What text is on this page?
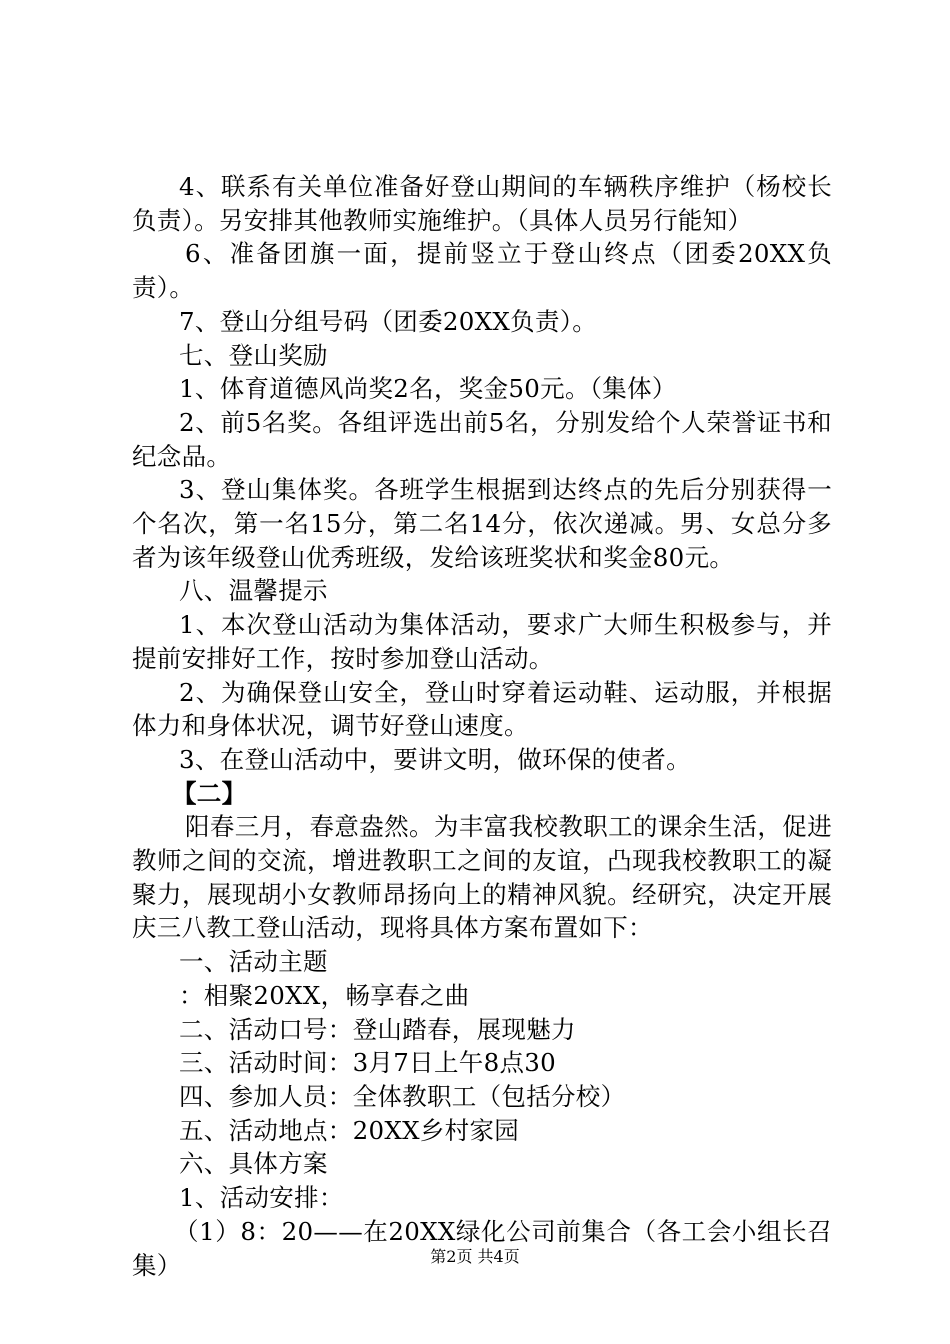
4、联系有关单位准备好登山期间的车辆秩序维护（杨校长负责）。另安排其他教师实施维护。（具体人员另行能知）

6、准备团旗一面，提前竖立于登山终点（团委20XX负责）。

7、登山分组号码（团委20XX负责）。

七、登山奖励

1、体育道德风尚奖2名，奖金50元。（集体）

2、前5名奖。各组评选出前5名，分别发给个人荣誉证书和纪念品。

3、登山集体奖。各班学生根据到达终点的先后分别获得一个名次，第一名15分，第二名14分，依次递减。男、女总分多者为该年级登山优秀班级，发给该班奖状和奖金80元。

八、温馨提示

1、本次登山活动为集体活动，要求广大师生积极参与，并提前安排好工作，按时参加登山活动。

2、为确保登山安全，登山时穿着运动鞋、运动服，并根据体力和身体状况，调节好登山速度。

3、在登山活动中，要讲文明，做环保的使者。

【二】

阳春三月，春意盎然。为丰富我校教职工的课余生活，促进教师之间的交流，增进教职工之间的友谊，凸现我校教职工的凝聚力，展现胡小女教师昂扬向上的精神风貌。经研究，决定开展庆三八教工登山活动，现将具体方案布置如下：

一、活动主题

：相聚20XX，畅享春之曲

二、活动口号：登山踏春，展现魅力

三、活动时间：3月7日上午8点30

四、参加人员：全体教职工（包括分校）

五、活动地点：20XX乡村家园

六、具体方案

1、活动安排：

（1）8：20——在20XX绿化公司前集合（各工会小组长召集）	第2页 共4页
